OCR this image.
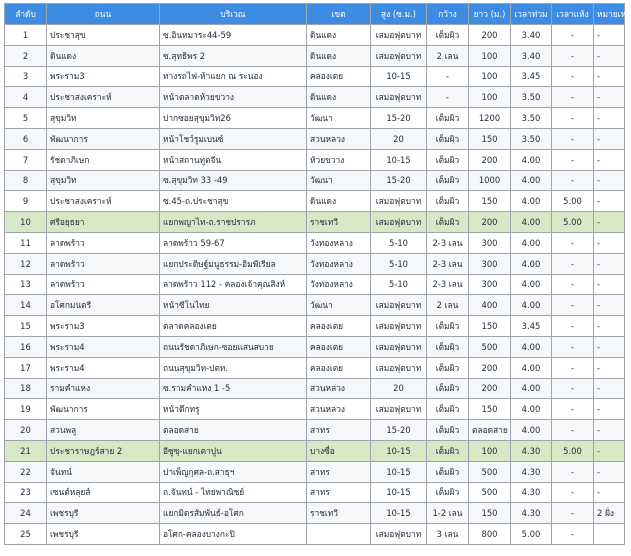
ลำดับ	ถนน	บริเวณ	เขต	สูง (ซ.ม.)	กว้าง	ยาว (ม.)	เวลาท่วม	เวลาแห้ง	หมายเหตุ
1	ประชาสุข	ซ.อินทมาระ44-59	ดินแดง	เสมอฟุตบาท	เต็มผิว	200	3.40	-	-
2	ดินแดง	ซ.สุทธิพร 2	ดินแดง	เสมอฟุตบาท	2 เลน	100	3.40	-	-
3	พระราม3	ทางรถไฟ-ห้าแยก ณ ระนอง	คลองเตย	10-15	-	100	3.45	-	-
4	ประชาสงเคราะห์	หน้าตลาดห้วยขวาง	ดินแดง	เสมอฟุตบาท	-	100	3.50	-	-
5	สุขุมวิท	ปากซอยสุขุมวิท26	วัฒนา	15-20	เต็มผิว	1200	3.50	-	-
6	พัฒนาการ	หน้าโชว์รูมเบนซ์	สวนหลวง	20	เต็มผิว	150	3.50	-	-
7	รัชดาภิเษก	หน้าสถานทูตจีน	ห้วยขวาง	10-15	เต็มผิว	200	4.00	-	-
8	สุขุมวิท	ซ.สุขุมวิท 33 -49	วัฒนา	15-20	เต็มผิว	1000	4.00	-	-
9	ประชาสงเคราะห์	ซ.45-ถ.ประชาสุข	ดินแดง	เสมอฟุตบาท	เต็มผิว	150	4.00	5.00	-
10	ศรีอยุธยา	แยกพญาไท-ถ.ราชปรารภ	ราชเทวี	เสมอฟุตบาท	เต็มผิว	200	4.00	5.00	-
11	ลาดพร้าว	ลาดพร้าว 59-67	วังทองหลาง	5-10	2-3 เลน	300	4.00	-	-
12	ลาดพร้าว	แยกประดิษฐ์มนูธรรม-อิมพีเรียล	วังทองหลาง	5-10	2-3 เลน	300	4.00	-	-
13	ลาดพร้าว	ลาดพร้าว 112 - คลองเจ้าคุณสิงห์	วังทองหลาง	5-10	2-3 เลน	300	4.00	-	-
14	อโศกมนตรี	หน้าซีโนไทย	วัฒนา	เสมอฟุตบาท	2 เลน	400	4.00	-	-
15	พระราม3	ตลาดคลองเตย	คลองเตย	เสมอฟุตบาท	เต็มผิว	150	3.45	-	-
16	พระราม4	ถนนรัชดาภิเษก-ซอยแสนสบาย	คลองเตย	เสมอฟุตบาท	เต็มผิว	500	4.00	-	-
17	พระราม4	ถนนสุขุมวิท-ปตท.	คลองเตย	เสมอฟุตบาท	เต็มผิว	200	4.00	-	-
18	รามคำแหง	ซ.รามคำแหง 1 -5	สวนหลวง	20	เต็มผิว	200	4.00	-	-
19	พัฒนาการ	หน้าตึกทรู	สวนหลวง	เสมอฟุตบาท	เต็มผิว	150	4.00	-	-
20	สวนพลู	ตลอดสาย	สาทร	15-20	เต็มผิว	ตลอดสาย	4.00	-	-
21	ประชาราษฎร์สาย 2	อีซูซุ-แยกเตาปูน	บางซื่อ	10-15	เต็มผิว	100	4.30	5.00	-
22	จันทน์	ปาเพ็ญกุศล-ถ.สาธุฯ	สาทร	10-15	เต็มผิว	500	4.30	-	-
23	เซนต์หลุยส์	ถ.จันทน์ - ไทยพาณิชย์	สาทร	10-15	เต็มผิว	500	4.30	-	-
24	เพชรบุรี	แยกมิตรสัมพันธ์-อโศก	ราชเทวี	10-15	1-2 เลน	150	4.30	-	2 ฝั่ง
25	เพชรบุรี	อโศก-คลองบางกะปิ		เสมอฟุตบาท	3 เลน	800	5.00	-	
